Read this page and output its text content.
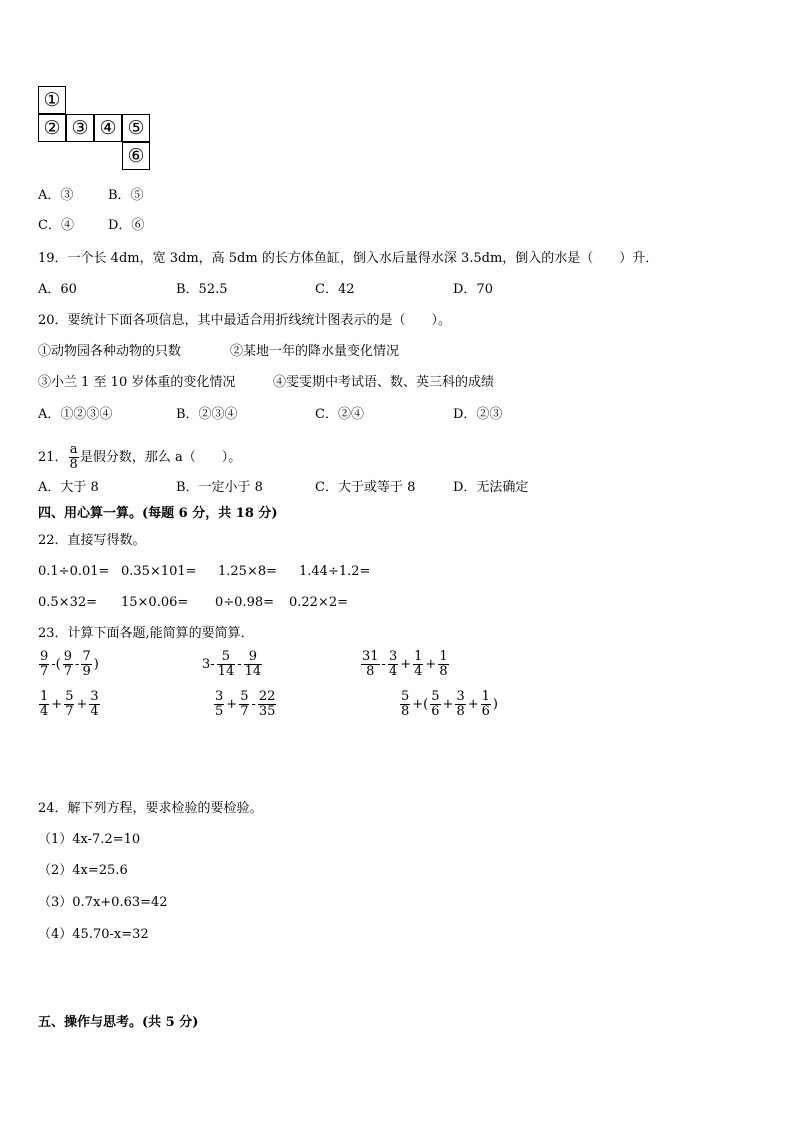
①
② ③ ④ ⑤
⑥
A．③	B．⑤
C．④	D．⑥
19．一个长 4dm，宽 3dm，高 5dm 的长方体鱼缸，倒入水后量得水深 3.5dm，倒入的水是（　　）升．
A．60	B．52.5	C．42	D．70
20．要统计下面各项信息，其中最适合用折线统计图表示的是（　　）。
①动物园各种动物的只数	②某地一年的降水量变化情况
③小兰 1 至 10 岁体重的变化情况	④雯雯期中考试语、数、英三科的成绩
A．①②③④	B．②③④	C．②④	D．②③
21． $\frac{a}{8}$ 是假分数，那么 a（　　）。
A．大于 8	B．一定小于 8	C．大于或等于 8	D．无法确定
四、用心算一算。(每题 6 分，共 18 分)
22．直接写得数。
0.1÷0.01= 0.35×101= 1.25×8= 1.44÷1.2=
0.5×32= 15×0.06= 0÷0.98= 0.22×2=
23．计算下面各题,能简算的要简算．
$\frac{9}{7}$ -( $\frac{9}{7} - \frac{7}{9}$ )	$3- \frac{5}{14} - \frac{9}{14}$	$\frac{31}{8} - \frac{3}{4} + \frac{1}{4} + \frac{1}{8}$
$\frac{1}{4} + \frac{5}{7} + \frac{3}{4}$	$\frac{3}{5} + \frac{5}{7} - \frac{22}{35}$	$\frac{5}{8}$ +( $\frac{5}{6} + \frac{3}{8} + \frac{1}{6}$ )
24．解下列方程，要求检验的要检验。
（1）4x-7.2=10
（2）4x=25.6
（3）0.7x+0.63=42
（4）45.70-x=32
五、操作与思考。(共 5 分)
